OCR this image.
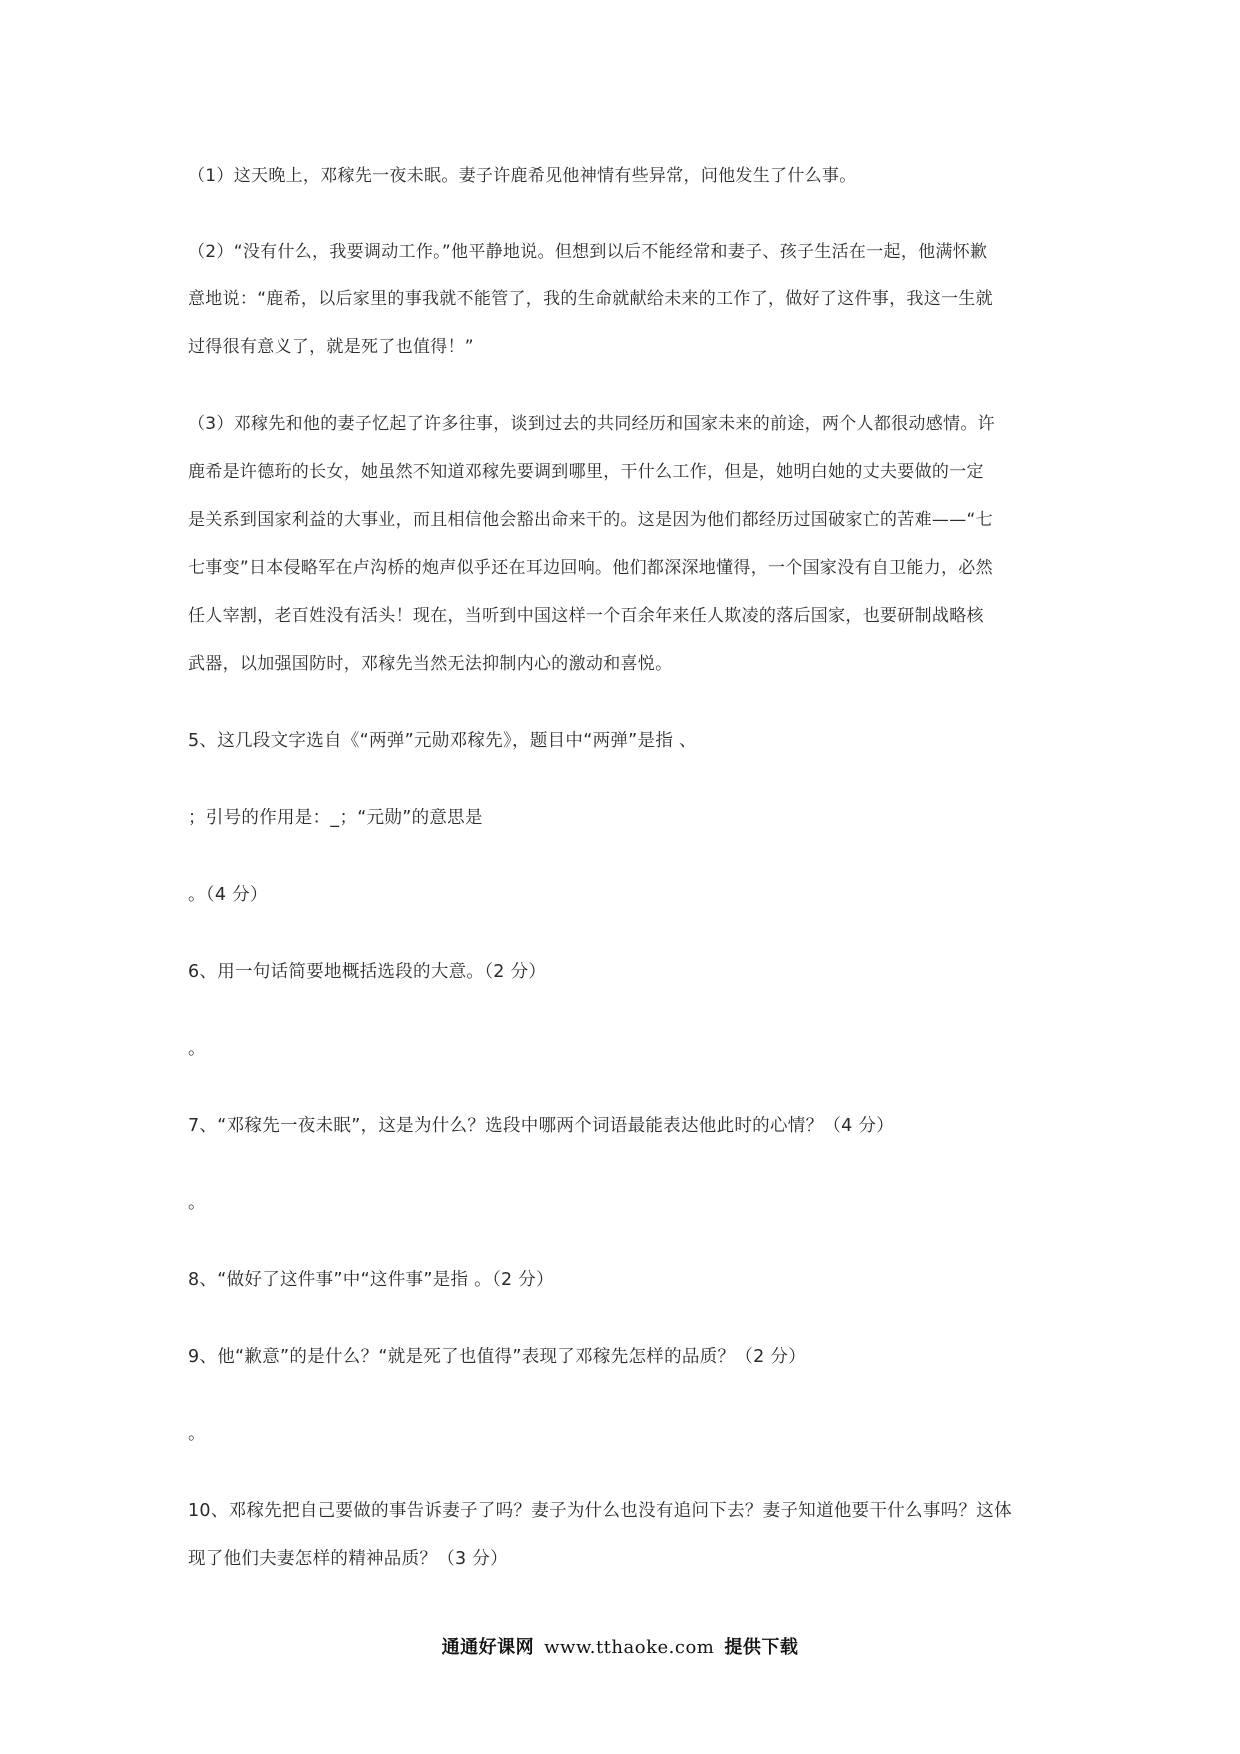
（1）这天晚上，邓稼先一夜未眠。妻子许鹿希见他神情有些异常，问他发生了什么事。
（2）“没有什么，我要调动工作。”他平静地说。但想到以后不能经常和妻子、孩子生活在一起，他满怀歉
意地说：“鹿希，以后家里的事我就不能管了，我的生命就献给未来的工作了，做好了这件事，我这一生就
过得很有意义了，就是死了也值得！”
（3）邓稼先和他的妻子忆起了许多往事，谈到过去的共同经历和国家未来的前途，两个人都很动感情。许
鹿希是许德珩的长女，她虽然不知道邓稼先要调到哪里，干什么工作，但是，她明白她的丈夫要做的一定
是关系到国家利益的大事业，而且相信他会豁出命来干的。这是因为他们都经历过国破家亡的苦难——“七
七事变”日本侵略军在卢沟桥的炮声似乎还在耳边回响。他们都深深地懂得，一个国家没有自卫能力，必然
任人宰割，老百姓没有活头！现在，当听到中国这样一个百余年来任人欺凌的落后国家，也要研制战略核
武器，以加强国防时，邓稼先当然无法抑制内心的激动和喜悦。
5、这几段文字选自《“两弹”元勋邓稼先》，题目中“两弹”是指 、
；引号的作用是：_；“元勋”的意思是
。（4 分）
6、用一句话简要地概括选段的大意。（2 分）
。
7、“邓稼先一夜未眠”，这是为什么？选段中哪两个词语最能表达他此时的心情？（4 分）
。
8、“做好了这件事”中“这件事”是指 。（2 分）
9、他“歉意”的是什么？“就是死了也值得”表现了邓稼先怎样的品质？（2 分）
。
10、邓稼先把自己要做的事告诉妻子了吗？妻子为什么也没有追问下去？妻子知道他要干什么事吗？这体
现了他们夫妻怎样的精神品质？（3 分）
通通好课网 www.tthaoke.com 提供下载
